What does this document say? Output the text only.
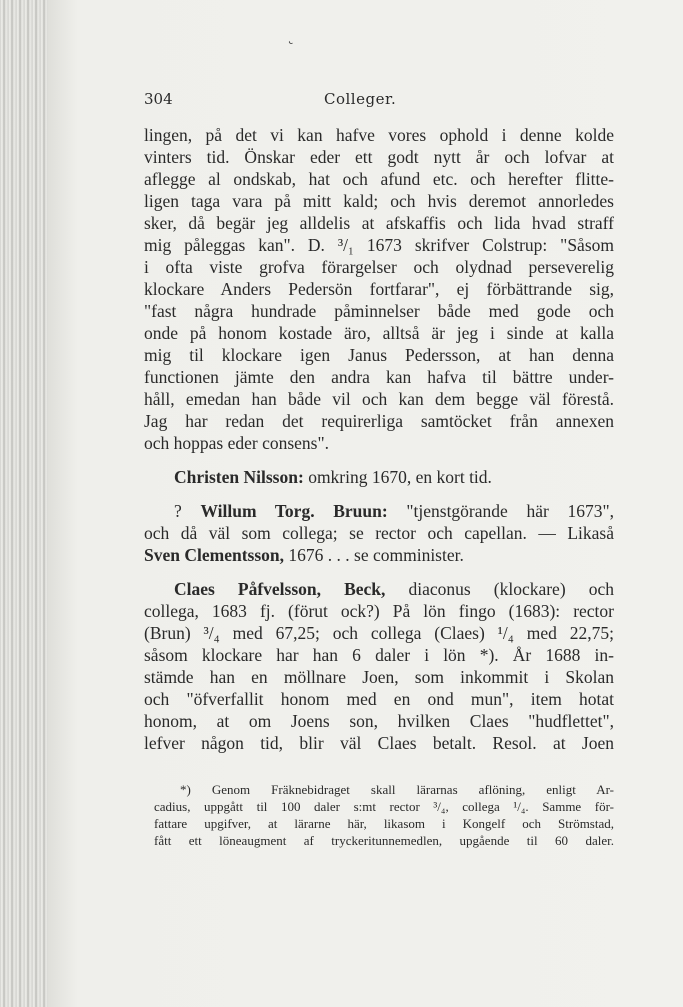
˘
304	Colleger.
lingen, på det vi kan hafve vores ophold i denne kolde
vinters tid. Önskar eder ett godt nytt år och lofvar at
aflegge al ondskab, hat och afund etc. och herefter flitte-
ligen taga vara på mitt kald; och hvis deremot annorledes
sker, då begär jeg alldelis at afskaffis och lida hvad straff
mig påleggas kan". D. ³/₁ 1673 skrifver Colstrup: "Såsom
i ofta viste grofva förargelser och olydnad perseverelig
klockare Anders Pedersön fortfarar", ej förbättrande sig,
"fast några hundrade påminnelser både med gode och
onde på honom kostade äro, alltså är jeg i sinde at kalla
mig til klockare igen Janus Pedersson, at han denna
functionen jämte den andra kan hafva til bättre under-
håll, emedan han både vil och kan dem begge väl förestå.
Jag har redan det requirerliga samtöcket från annexen
och hoppas eder consens".
Christen Nilsson: omkring 1670, en kort tid.
? Willum Torg. Bruun: "tjenstgörande här 1673",
och då väl som collega; se rector och capellan. — Likaså
Sven Clementsson, 1676 . . . se comminister.
Claes Påfvelsson, Beck, diaconus (klockare) och
collega, 1683 fj. (förut ock?) På lön fingo (1683): rector
(Brun) ³/₄ med 67,25; och collega (Claes) ¹/₄ med 22,75;
såsom klockare har han 6 daler i lön *). År 1688 in-
stämde han en möllnare Joen, som inkommit i Skolan
och "öfverfallit honom med en ond mun", item hotat
honom, at om Joens son, hvilken Claes "hudflettet",
lefver någon tid, blir väl Claes betalt. Resol. at Joen
*) Genom Fräknebidraget skall lärarnas aflöning, enligt Ar-
cadius, uppgått til 100 daler s:mt rector ³/₄, collega ¹/₄. Samme för-
fattare upgifver, at lärarne här, likasom i Kongelf och Strömstad,
fått ett löneaugment af tryckeritunnemedlen, upgående til 60 daler.
